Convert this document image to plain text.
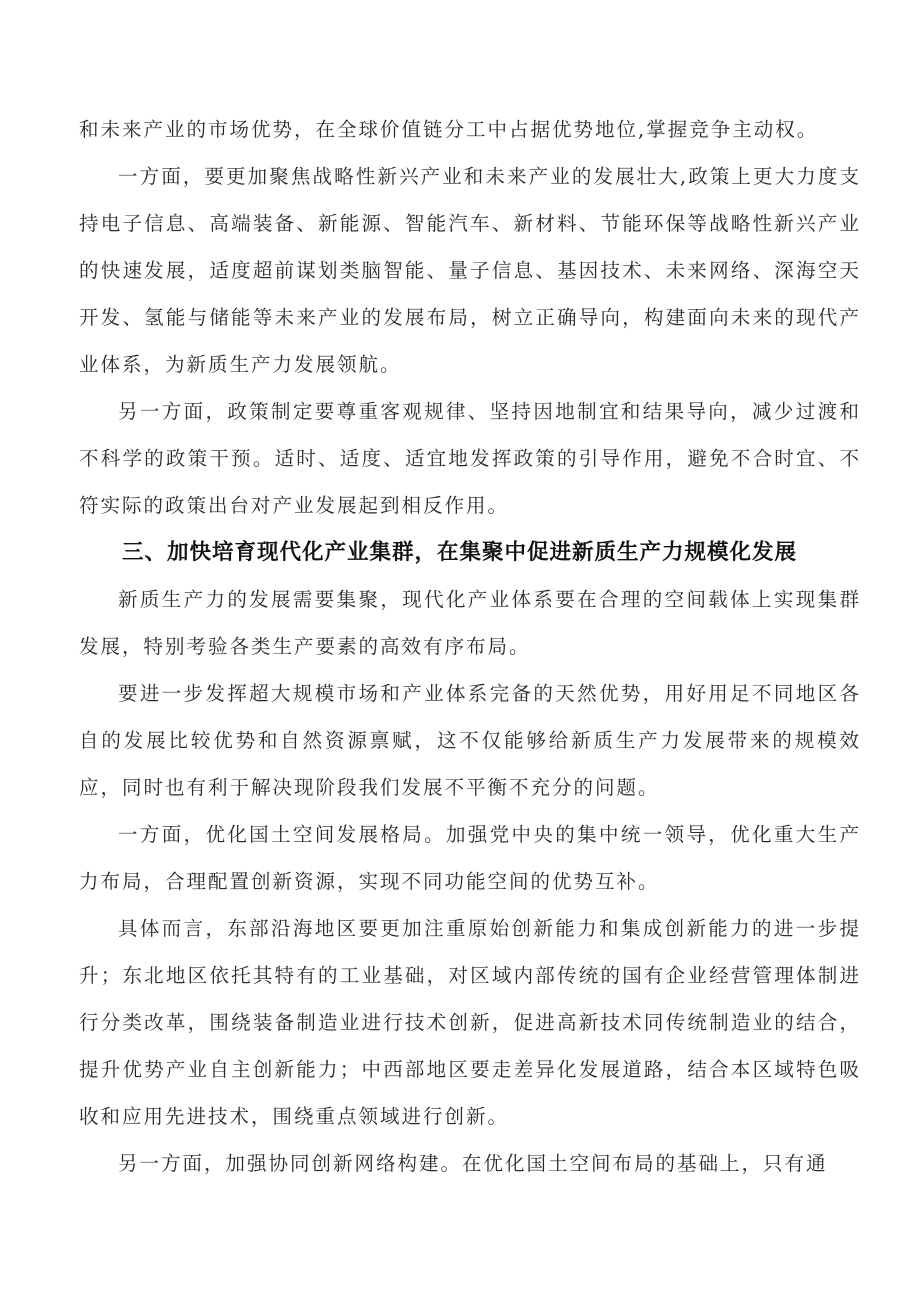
和未来产业的市场优势，在全球价值链分工中占据优势地位,掌握竞争主动权。

一方面，要更加聚焦战略性新兴产业和未来产业的发展壮大,政策上更大力度支持电子信息、高端装备、新能源、智能汽车、新材料、节能环保等战略性新兴产业的快速发展，适度超前谋划类脑智能、量子信息、基因技术、未来网络、深海空天开发、氢能与储能等未来产业的发展布局，树立正确导向，构建面向未来的现代产业体系，为新质生产力发展领航。

另一方面，政策制定要尊重客观规律、坚持因地制宜和结果导向，减少过渡和不科学的政策干预。适时、适度、适宜地发挥政策的引导作用，避免不合时宜、不符实际的政策出台对产业发展起到相反作用。

三、加快培育现代化产业集群，在集聚中促进新质生产力规模化发展

新质生产力的发展需要集聚，现代化产业体系要在合理的空间载体上实现集群发展，特别考验各类生产要素的高效有序布局。

要进一步发挥超大规模市场和产业体系完备的天然优势，用好用足不同地区各自的发展比较优势和自然资源禀赋，这不仅能够给新质生产力发展带来的规模效应，同时也有利于解决现阶段我们发展不平衡不充分的问题。

一方面，优化国土空间发展格局。加强党中央的集中统一领导，优化重大生产力布局，合理配置创新资源，实现不同功能空间的优势互补。

具体而言，东部沿海地区要更加注重原始创新能力和集成创新能力的进一步提升；东北地区依托其特有的工业基础，对区域内部传统的国有企业经营管理体制进行分类改革，围绕装备制造业进行技术创新，促进高新技术同传统制造业的结合，提升优势产业自主创新能力；中西部地区要走差异化发展道路，结合本区域特色吸收和应用先进技术，围绕重点领域进行创新。

另一方面，加强协同创新网络构建。在优化国土空间布局的基础上，只有通
